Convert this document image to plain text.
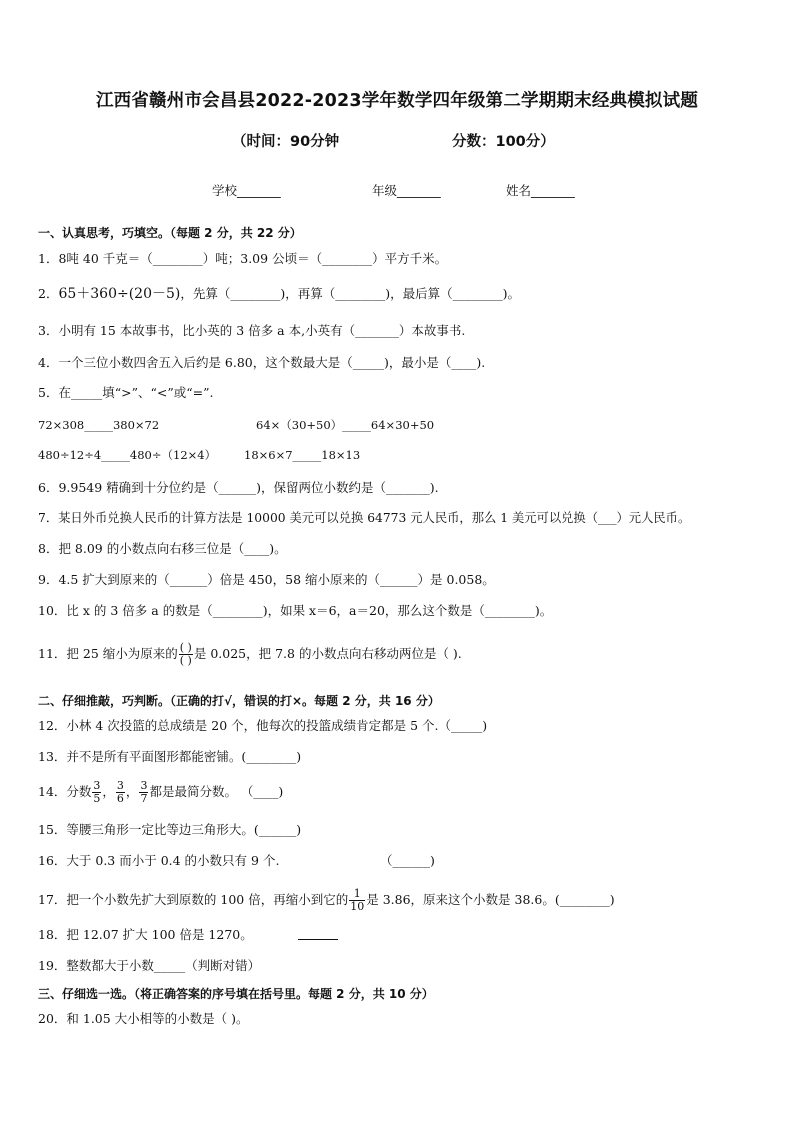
江西省赣州市会昌县2022-2023学年数学四年级第二学期期末经典模拟试题
（时间：90分钟	分数：100分）
学校_______	年级_______	姓名_______
一、认真思考，巧填空。（每题 2 分，共 22 分）
1．8吨 40 千克＝（________）吨；3.09 公顷＝（________）平方千米。
2．65＋360÷(20－5)，先算（________)，再算（________)，最后算（________)。
3．小明有 15 本故事书，比小英的 3 倍多 a 本,小英有（_______）本故事书.
4．一个三位小数四舍五入后约是 6.80，这个数最大是（_____)，最小是（____).
5．在_____填“>”、“<”或“=”.
72×308_____380×72	64×（30+50）_____64×30+50
480÷12÷4_____480÷（12×4） 18×6×7_____18×13
6．9.9549 精确到十分位约是（______)，保留两位小数约是（_______).
7．某日外币兑换人民币的计算方法是 10000 美元可以兑换 64773 元人民币，那么 1 美元可以兑换（___）元人民币。
8．把 8.09 的小数点向右移三位是（____)。
9．4.5 扩大到原来的（______）倍是 450，58 缩小原来的（______）是 0.058。
10．比 x 的 3 倍多 a 的数是（________)，如果 x＝6，a＝20，那么这个数是（________)。
11．把 25 缩小为原来的 $\frac{( )}{( )}$ 是 0.025，把 7.8 的小数点向右移动两位是（ ).
二、仔细推敲，巧判断。（正确的打√，错误的打×。每题 2 分，共 16 分）
12．小林 4 次投篮的总成绩是 20 个，他每次的投篮成绩肯定都是 5 个.（_____)
13．并不是所有平面图形都能密铺。(________)
14．分数 $\frac{3}{5}$ ， $\frac{3}{6}$ ， $\frac{3}{7}$ 都是最简分数。 （____)
15．等腰三角形一定比等边三角形大。(______)
16．大于 0.3 而小于 0.4 的小数只有 9 个.	（______)
17．把一个小数先扩大到原数的 100 倍，再缩小到它的 $\frac{1}{10}$ 是 3.86，原来这个小数是 38.6。(________)
18．把 12.07 扩大 100 倍是 1270。
19．整数都大于小数_____（判断对错）
三、仔细选一选。（将正确答案的序号填在括号里。每题 2 分，共 10 分）
20．和 1.05 大小相等的小数是（ )。
